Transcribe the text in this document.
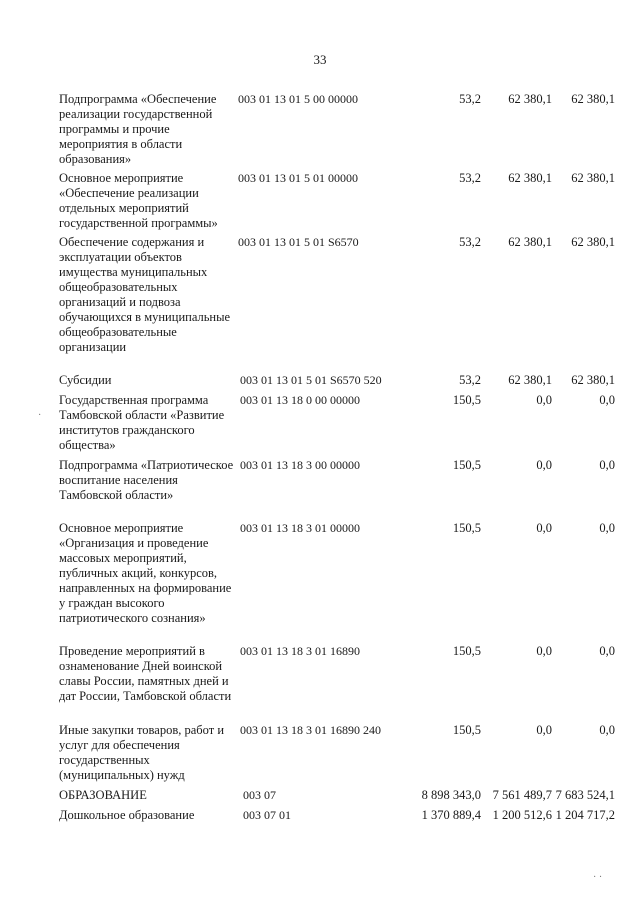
33
Подпрограмма «Обеспечение реализации государственной программы и прочие мероприятия в области образования»
003 01 13 01 5 00 00000	53,2 62 380,1 62 380,1
Основное мероприятие «Обеспечение реализации отдельных мероприятий государственной программы»
003 01 13 01 5 01 00000	53,2 62 380,1 62 380,1
Обеспечение содержания и эксплуатации объектов имущества муниципальных общеобразовательных организаций и подвоза обучающихся в муниципальные общеобразовательные организации
003 01 13 01 5 01 S6570	53,2 62 380,1 62 380,1
Субсидии	003 01 13 01 5 01 S6570 520	53,2 62 380,1 62 380,1
Государственная программа Тамбовской области «Развитие институтов гражданского общества»
003 01 13 18 0 00 00000	150,5	0,0	0,0
Подпрограмма «Патриотическое воспитание населения Тамбовской области»
003 01 13 18 3 00 00000	150,5	0,0	0,0
Основное мероприятие «Организация и проведение массовых мероприятий, публичных акций, конкурсов, направленных на формирование у граждан высокого патриотического сознания»
003 01 13 18 3 01 00000	150,5	0,0	0,0
Проведение мероприятий в ознаменование Дней воинской славы России, памятных дней и дат России, Тамбовской области
003 01 13 18 3 01 16890	150,5	0,0	0,0
Иные закупки товаров, работ и услуг для обеспечения государственных (муниципальных) нужд
003 01 13 18 3 01 16890 240	150,5	0,0	0,0
ОБРАЗОВАНИЕ	003 07	8 898 343,0 7 561 489,7 7 683 524,1
Дошкольное образование	003 07 01	1 370 889,4 1 200 512,6 1 204 717,2
·
· ·
